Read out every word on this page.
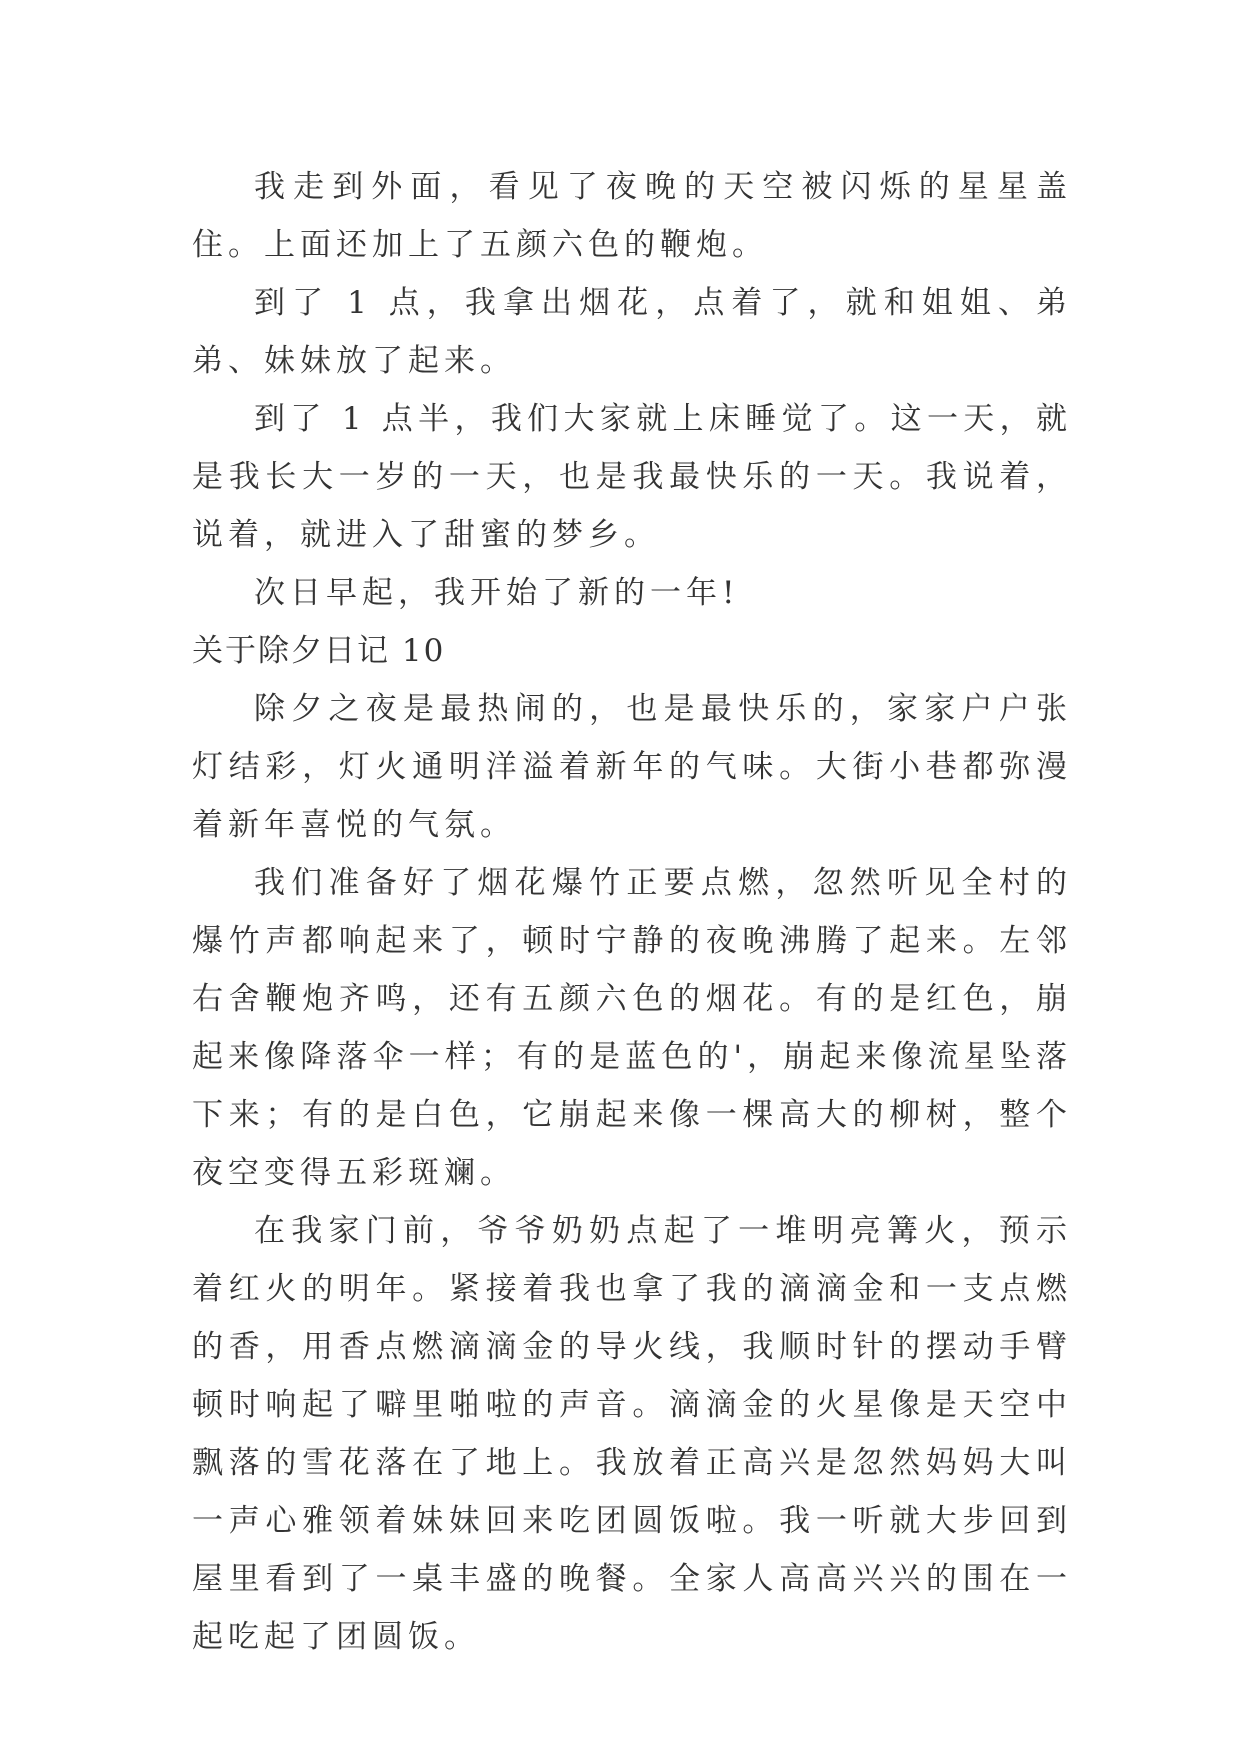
我走到外面，看见了夜晚的天空被闪烁的星星盖住。上面还加上了五颜六色的鞭炮。

到了 1 点，我拿出烟花，点着了，就和姐姐、弟弟、妹妹放了起来。

到了 1 点半，我们大家就上床睡觉了。这一天，就是我长大一岁的一天，也是我最快乐的一天。我说着，说着，就进入了甜蜜的梦乡。

次日早起，我开始了新的一年!

关于除夕日记 10

除夕之夜是最热闹的，也是最快乐的，家家户户张灯结彩，灯火通明洋溢着新年的气味。大街小巷都弥漫着新年喜悦的气氛。

我们准备好了烟花爆竹正要点燃，忽然听见全村的爆竹声都响起来了，顿时宁静的夜晚沸腾了起来。左邻右舍鞭炮齐鸣，还有五颜六色的烟花。有的是红色，崩起来像降落伞一样；有的是蓝色的'，崩起来像流星坠落下来；有的是白色，它崩起来像一棵高大的柳树，整个夜空变得五彩斑斓。

在我家门前，爷爷奶奶点起了一堆明亮篝火，预示着红火的明年。紧接着我也拿了我的滴滴金和一支点燃的香，用香点燃滴滴金的导火线，我顺时针的摆动手臂顿时响起了噼里啪啦的声音。滴滴金的火星像是天空中飘落的雪花落在了地上。我放着正高兴是忽然妈妈大叫一声心雅领着妹妹回来吃团圆饭啦。我一听就大步回到屋里看到了一桌丰盛的晚餐。全家人高高兴兴的围在一起吃起了团圆饭。
